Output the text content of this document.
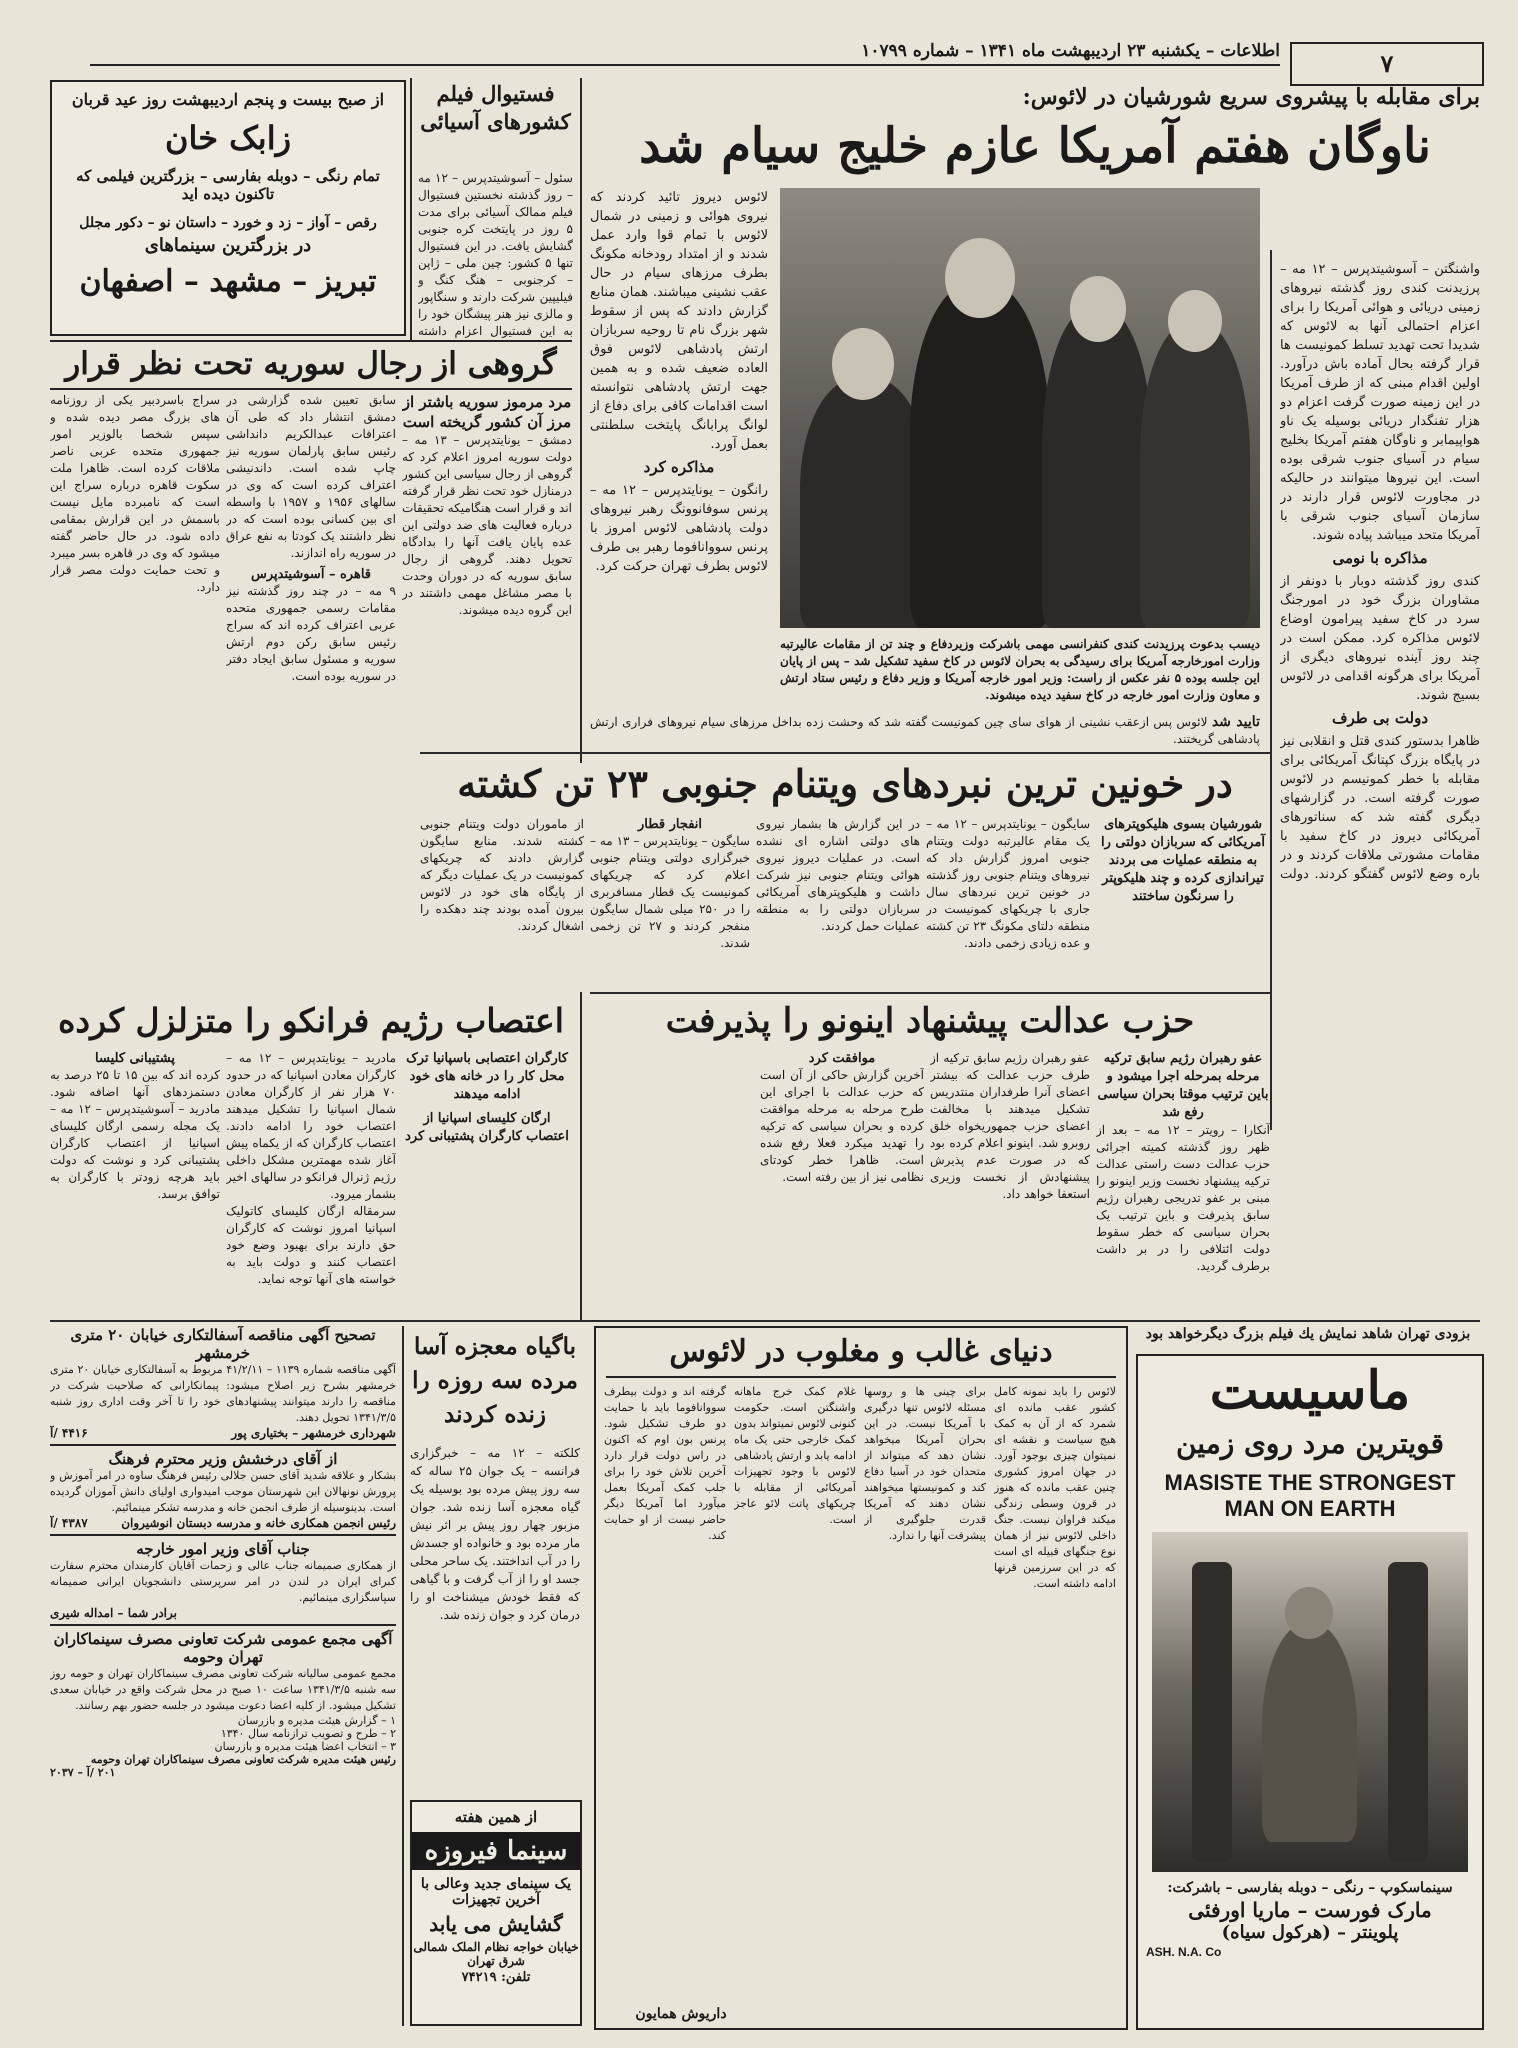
اطلاعات – یکشنبه ۲۳ اردیبهشت ماه ۱۳۴۱ – شماره ۱۰۷۹۹	۷
برای مقابله با پیشروی سریع شورشیان در لائوس:
ناوگان هفتم آمریکا عازم خلیج سیام شد
واشنگتن – آسوشیتدپرس – ۱۲ مه – پرزیدنت کندی روز گذشته نیروهای زمینی دریائی و هوائی آمریکا را برای اعزام احتمالی آنها به لائوس که شدیدا تحت تهدید تسلط کمونیست ها قرار گرفته بحال آماده باش درآورد. اولین اقدام مبنی که از طرف آمریکا در این زمینه صورت گرفت اعزام دو هزار تفنگدار دریائی بوسیله یک ناو هواپیمابر و ناوگان هفتم آمریکا بخلیج سیام در آسیای جنوب شرقی بوده است. این نیروها میتوانند در حالیکه در مجاورت لائوس قرار دارند در سازمان آسیای جنوب شرقی با آمریکا متحد میباشد پیاده شوند.
مذاکره با نومی
کندی روز گذشته دوبار با دونفر از مشاوران بزرگ خود در امورجنگ سرد در کاخ سفید پیرامون اوضاع لائوس مذاکره کرد. ممکن است در چند روز آینده نیروهای دیگری از آمریکا برای هرگونه اقدامی در لائوس بسیج شوند.
دولت بی طرف
ظاهرا بدستور کندی قتل و انقلابی نیز در پایگاه بزرگ کپتانگ آمریکائی برای مقابله با خطر کمونیسم در لائوس صورت گرفته است. در گزارشهای دیگری گفته شد که سناتورهای آمریکائی دیروز در کاخ سفید با مقامات مشورتی ملاقات کردند و در باره وضع لائوس گفتگو کردند. دولت
دیسب بدعوت پرزیدنت کندی کنفرانسی مهمی باشرکت وزیردفاع و چند تن از مقامات عالیرتبه وزارت امورخارجه آمریکا برای رسیدگی به بحران لائوس در کاخ سفید تشکیل شد – پس از پایان این جلسه بوده ۵ نفر عکس از راست: وزیر امور خارجه آمریکا و وزیر دفاع و رئیس ستاد ارتش و معاون وزارت امور خارجه در کاخ سفید دیده میشوند.
لائوس دیروز تائید کردند که نیروی هوائی و زمینی در شمال لائوس با تمام قوا وارد عمل شدند و از امتداد رودخانه مکونگ بطرف مرزهای سیام در حال عقب نشینی میباشند. همان منابع گزارش دادند که پس از سقوط شهر بزرگ نام تا روحیه سربازان ارتش پادشاهی لائوس فوق العاده ضعیف شده و به همین جهت ارتش پادشاهی نتوانسته است اقدامات کافی برای دفاع از لوانگ پرابانگ پایتخت سلطنتی بعمل آورد.
مذاکره کرد
رانگون – یونایتدپرس – ۱۲ مه – پرنس سوفانوونگ رهبر نیروهای دولت پادشاهی لائوس امروز با پرنس سووانافوما رهبر بی طرف لائوس بطرف تهران حرکت کرد.
تایید شد لائوس پس ازعقب نشینی از هوای سای چین کمونیست گفته شد که وحشت زده بداخل مرزهای سیام نیروهای فراری ارتش پادشاهی گریختند.
فستیوال فیلم کشورهای آسیائی
سئول – آسوشیتدپرس – ۱۲ مه – روز گذشته نخستین فستیوال فیلم ممالک آسیائی برای مدت ۵ روز در پایتخت کره جنوبی گشایش یافت. در این فستیوال تنها ۵ کشور: چین ملی – ژاپن – کرجنوبی – هنگ کنگ و فیلیپین شرکت دارند و سنگاپور و مالزی نیز هنر پیشگان خود را به این فستیوال اعزام داشته
از صبح بیست و پنجم اردیبهشت روز عید قربان
زابک خان
تمام رنگی – دوبله بفارسی – بزرگترین فیلمی که تاکنون دیده اید
رقص – آواز – زد و خورد – داستان نو – دکور مجلل
در بزرگترین سینماهای
تبریز – مشهد – اصفهان
گروهی از رجال سوریه تحت نظر قرار
مرد مرموز سوریه باشتر از مرز آن کشور گریخته است
دمشق – یونایتدپرس – ۱۳ مه – دولت سوریه امروز اعلام کرد که گروهی از رجال سیاسی این کشور درمنازل خود تحت نظر قرار گرفته اند و قرار است هنگامیکه تحقیقات درباره فعالیت های ضد دولتی این عده پایان یافت آنها را بدادگاه تحویل دهند. گروهی از رجال سابق سوریه که در دوران وحدت با مصر مشاغل مهمی داشتند در این گروه دیده میشوند.
سابق تعیین شده گزارشی در دمشق انتشار داد که طی آن اعترافات عبدالکریم دانداشی رئیس سابق پارلمان سوریه نیز چاپ شده است. داندنیشی اعتراف کرده است که وی در سالهای ۱۹۵۶ و ۱۹۵۷ با واسطه ای بین کسانی بوده است که در نظر داشتند یک کودتا به نفع عراق در سوریه راه اندازند.
قاهره – آسوشیتدپرس
۹ مه – در چند روز گذشته نیز مقامات رسمی جمهوری متحده عربی اعتراف کرده اند که سراج رئیس سابق رکن دوم ارتش سوریه و مسئول سابق ایجاد دفتر در سوریه بوده است.
سراج باسردبیر یکی از روزنامه های بزرگ مصر دیده شده و سپس شخصا بالوزیر امور جمهوری متحده عربی ناصر ملاقات کرده است. ظاهرا ملت سکوت قاهره درباره سراج این است که نامبرده مایل نیست باسمش در این قرارش بمقامی داده شود. در حال حاضر گفته میشود که وی در قاهره بسر میبرد و تحت حمایت دولت مصر قرار دارد.
در خونین ترین نبردهای ویتنام جنوبی ۲۳ تن کشته
شورشیان بسوی هلیکوپترهای آمریکائی که سربازان دولتی را به منطقه عملیات می بردند تیراندازی کرده و چند هلیکوپتر را سرنگون ساختند
سایگون – یونایتدپرس – ۱۲ مه – یک مقام عالیرتبه دولت ویتنام جنوبی امروز گزارش داد که نیروهای ویتنام جنوبی روز گذشته در خونین ترین نبردهای سال جاری با چریکهای کمونیست در منطقه دلتای مکونگ ۲۳ تن کشته و عده زیادی زخمی دادند.
در این گزارش ها بشمار نیروی های دولتی اشاره ای نشده است. در عملیات دیروز نیروی هوائی ویتنام جنوبی نیز شرکت داشت و هلیکوپترهای آمریکائی سربازان دولتی را به منطقه عملیات حمل کردند.
انفجار قطار
سایگون – یونایتدپرس – ۱۳ مه – خبرگزاری دولتی ویتنام جنوبی اعلام کرد که چریکهای کمونیست یک قطار مسافربری را در ۲۵۰ میلی شمال سایگون منفجر کردند و ۲۷ تن زخمی شدند.
از ماموران دولت ویتنام جنوبی کشته شدند. منابع سایگون گزارش دادند که چریکهای کمونیست در یک عملیات دیگر که از پایگاه های خود در لائوس بیرون آمده بودند چند دهکده را اشغال کردند.
حزب عدالت پیشنهاد اینونو را پذیرفت
عفو رهبران رژیم سابق ترکیه مرحله بمرحله اجرا میشود و باین ترتیب موقتا بحران سیاسی رفع شد
آنکارا – رویتر – ۱۲ مه – بعد از ظهر روز گذشته کمیته اجرائی حزب عدالت دست راستی عدالت ترکیه پیشنهاد نخست وزیر اینونو را مبنی بر عفو تدریجی رهبران رژیم سابق پذیرفت و باین ترتیب یک بحران سیاسی که خطر سقوط دولت ائتلافی را در بر داشت برطرف گردید.
عفو رهبران رژیم سابق ترکیه از طرف حزب عدالت که بیشتر اعضای آنرا طرفداران منتدریس تشکیل میدهند با مخالفت اعضای حزب جمهوریخواه خلق روبرو شد. اینونو اعلام کرده بود که در صورت عدم پذیرش پیشنهادش از نخست وزیری استعفا خواهد داد.
موافقت کرد
آخرین گزارش حاکی از آن است که حزب عدالت با اجرای این طرح مرحله به مرحله موافقت کرده و بحران سیاسی که ترکیه را تهدید میکرد فعلا رفع شده است. ظاهرا خطر کودتای نظامی نیز از بین رفته است.
اعتصاب رژیم فرانکو را متزلزل کرده
کارگران اعتصابی باسپانیا ترک محل کار را در خانه های خود ادامه میدهند
ارگان کلیسای اسپانیا از اعتصاب کارگران پشتیبانی کرد
مادرید – یونایتدپرس – ۱۲ مه – کارگران معادن اسپانیا که در حدود ۷۰ هزار نفر از کارگران معادن شمال اسپانیا را تشکیل میدهند اعتصاب خود را ادامه دادند. اعتصاب کارگران که از یکماه پیش آغاز شده مهمترین مشکل داخلی رژیم ژنرال فرانکو در سالهای اخیر بشمار میرود.
سرمقاله ارگان کلیسای کاتولیک اسپانیا امروز نوشت که کارگران حق دارند برای بهبود وضع خود اعتصاب کنند و دولت باید به خواسته های آنها توجه نماید.
پشتیبانی کلیسا
کرده اند که بین ۱۵ تا ۲۵ درصد به دستمزدهای آنها اضافه شود. مادرید – آسوشیتدپرس – ۱۲ مه – یک مجله رسمی ارگان کلیسای اسپانیا از اعتصاب کارگران پشتیبانی کرد و نوشت که دولت باید هرچه زودتر با کارگران به توافق برسد.
تصحیح آگهی مناقصه آسفالتکاری خیابان ۲۰ متری خرمشهر
آگهی مناقصه شماره ۱۱۳۹ – ۴۱/۲/۱۱ مربوط به آسفالتکاری خیابان ۲۰ متری خرمشهر بشرح زیر اصلاح میشود: پیمانکارانی که صلاحیت شرکت در مناقصه را دارند میتوانند پیشنهادهای خود را تا آخر وقت اداری روز شنبه ۱۳۴۱/۳/۵ تحویل دهند.
شهرداری خرمشهر – بختیاری پور
۴۴۱۶ /آ
از آقای درخشش وزیر محترم فرهنگ
بشکار و علاقه شدید آقای حسن جلالی رئیس فرهنگ ساوه در امر آموزش و پرورش نونهالان این شهرستان موجب امیدواری اولیای دانش آموزان گردیده است. بدینوسیله از طرف انجمن خانه و مدرسه تشکر مینمائیم.
رئیس انجمن همکاری خانه و مدرسه دبستان انوشیروان
۴۳۸۷ /آ
جناب آقای وزیر امور خارجه
از همکاری صمیمانه جناب عالی و زحمات آقایان کارمندان محترم سفارت کبرای ایران در لندن در امر سرپرستی دانشجویان ایرانی صمیمانه سپاسگزاری مینمائیم.
برادر شما – امداله شیری
آگهی مجمع عمومی شرکت تعاونی مصرف سینماکاران تهران وحومه
مجمع عمومی سالیانه شرکت تعاونی مصرف سینماکاران تهران و حومه روز سه شنبه ۱۳۴۱/۳/۵ ساعت ۱۰ صبح در محل شرکت واقع در خیابان سعدی تشکیل میشود. از کلیه اعضا دعوت میشود در جلسه حضور بهم رسانند.
۱ – گزارش هیئت مدیره و بازرسان
۲ – طرح و تصویب ترازنامه سال ۱۳۴۰
۳ – انتخاب اعضا هیئت مدیره و بازرسان
رئیس هیئت مدیره شرکت تعاونی مصرف سینماکاران تهران وحومه
۲۰۱ /آ – ۲۰۳۷
باگیاه معجزه آسا مرده سه روزه را زنده کردند
کلکته – ۱۲ مه – خبرگزاری فرانسه – یک جوان ۲۵ ساله که سه روز پیش مرده بود بوسیله یک گیاه معجزه آسا زنده شد. جوان مزبور چهار روز پیش بر اثر نیش مار مرده بود و خانواده او جسدش را در آب انداختند. یک ساحر محلی جسد او را از آب گرفت و با گیاهی که فقط خودش میشناخت او را درمان کرد و جوان زنده شد.
از همین هفته
سینما فیروزه
یک سینمای جدید وعالی با آخرین تجهیزات
گشایش می یابد
خیابان خواجه نظام الملک شمالی شرق تهران
تلفن: ۷۴۲۱۹
دنیای غالب و مغلوب در لائوس
لائوس را باید نمونه کامل کشور عقب مانده ای شمرد که از آن به کمک هیچ سیاست و نقشه ای نمیتوان چیزی بوجود آورد. در جهان امروز کشوری چنین عقب مانده که هنوز در قرون وسطی زندگی میکند فراوان نیست. جنگ داخلی لائوس نیز از همان نوع جنگهای قبیله ای است که در این سرزمین قرنها ادامه داشته است.
برای چینی ها و روسها مسئله لائوس تنها درگیری با آمریکا نیست. در این بحران آمریکا میخواهد نشان دهد که میتواند از متحدان خود در آسیا دفاع کند و کمونیستها میخواهند نشان دهند که آمریکا قدرت جلوگیری از پیشرفت آنها را ندارد.
غلام کمک خرج ماهانه واشنگتن است. حکومت کنونی لائوس نمیتواند بدون کمک خارجی حتی یک ماه ادامه یابد و ارتش پادشاهی لائوس با وجود تجهیزات آمریکائی از مقابله با چریکهای پاتت لائو عاجز است.
گرفته اند و دولت بیطرف سووانافوما باید با حمایت دو طرف تشکیل شود. پرنس بون اوم که اکنون در راس دولت قرار دارد آخرین تلاش خود را برای جلب کمک آمریکا بعمل میآورد اما آمریکا دیگر حاضر نیست از او حمایت کند.
داریوش همایون
بزودی تهران شاهد نمایش یك فیلم بزرگ دیگرخواهد بود
ماسیست
قویترین مرد روی زمین
MASISTE THE STRONGEST
MAN ON EARTH
سینماسکوپ – رنگی – دوبله بفارسی – باشرکت:
مارک فورست – ماریا اورفئی
پلوینتر – (هرکول سیاه)
ASH. N.A. Co
